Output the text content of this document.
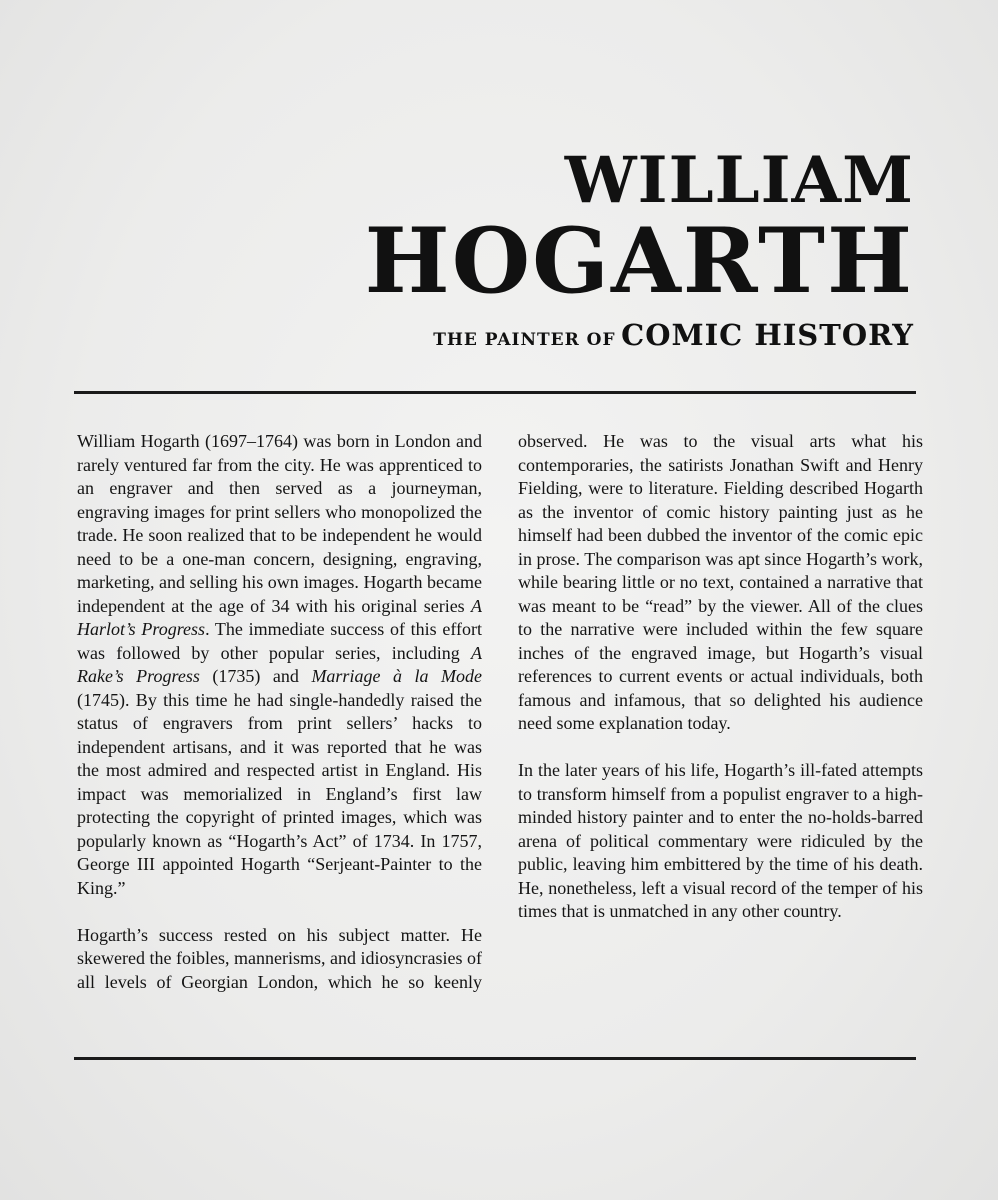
WILLIAM
HOGARTH
THE PAINTER OF COMIC HISTORY

William Hogarth (1697–1764) was born in London and rarely ventured far from the city. He was apprenticed to an engraver and then served as a journeyman, engraving images for print sellers who monopolized the trade. He soon realized that to be independent he would need to be a one-man concern, designing, engraving, marketing, and selling his own images. Hogarth became independent at the age of 34 with his original series A Harlot’s Progress. The immediate success of this effort was followed by other popular series, including A Rake’s Progress (1735) and Marriage à la Mode (1745). By this time he had single-handedly raised the status of engravers from print sellers’ hacks to independent artisans, and it was reported that he was the most admired and respected artist in England. His impact was memorialized in England’s first law protecting the copyright of printed images, which was popularly known as “Hogarth’s Act” of 1734. In 1757, George III appointed Hogarth “Serjeant-Painter to the King.”

Hogarth’s success rested on his subject matter. He skewered the foibles, mannerisms, and idiosyncrasies of all levels of Georgian London, which he so keenly

observed. He was to the visual arts what his contemporaries, the satirists Jonathan Swift and Henry Fielding, were to literature. Fielding described Hogarth as the inventor of comic history painting just as he himself had been dubbed the inventor of the comic epic in prose. The comparison was apt since Hogarth’s work, while bearing little or no text, contained a narrative that was meant to be “read” by the viewer. All of the clues to the narrative were included within the few square inches of the engraved image, but Hogarth’s visual references to current events or actual individuals, both famous and infamous, that so delighted his audience need some explanation today.

In the later years of his life, Hogarth’s ill-fated attempts to transform himself from a populist engraver to a high-minded history painter and to enter the no-holds-barred arena of political commentary were ridiculed by the public, leaving him embittered by the time of his death. He, nonetheless, left a visual record of the temper of his times that is unmatched in any other country.
